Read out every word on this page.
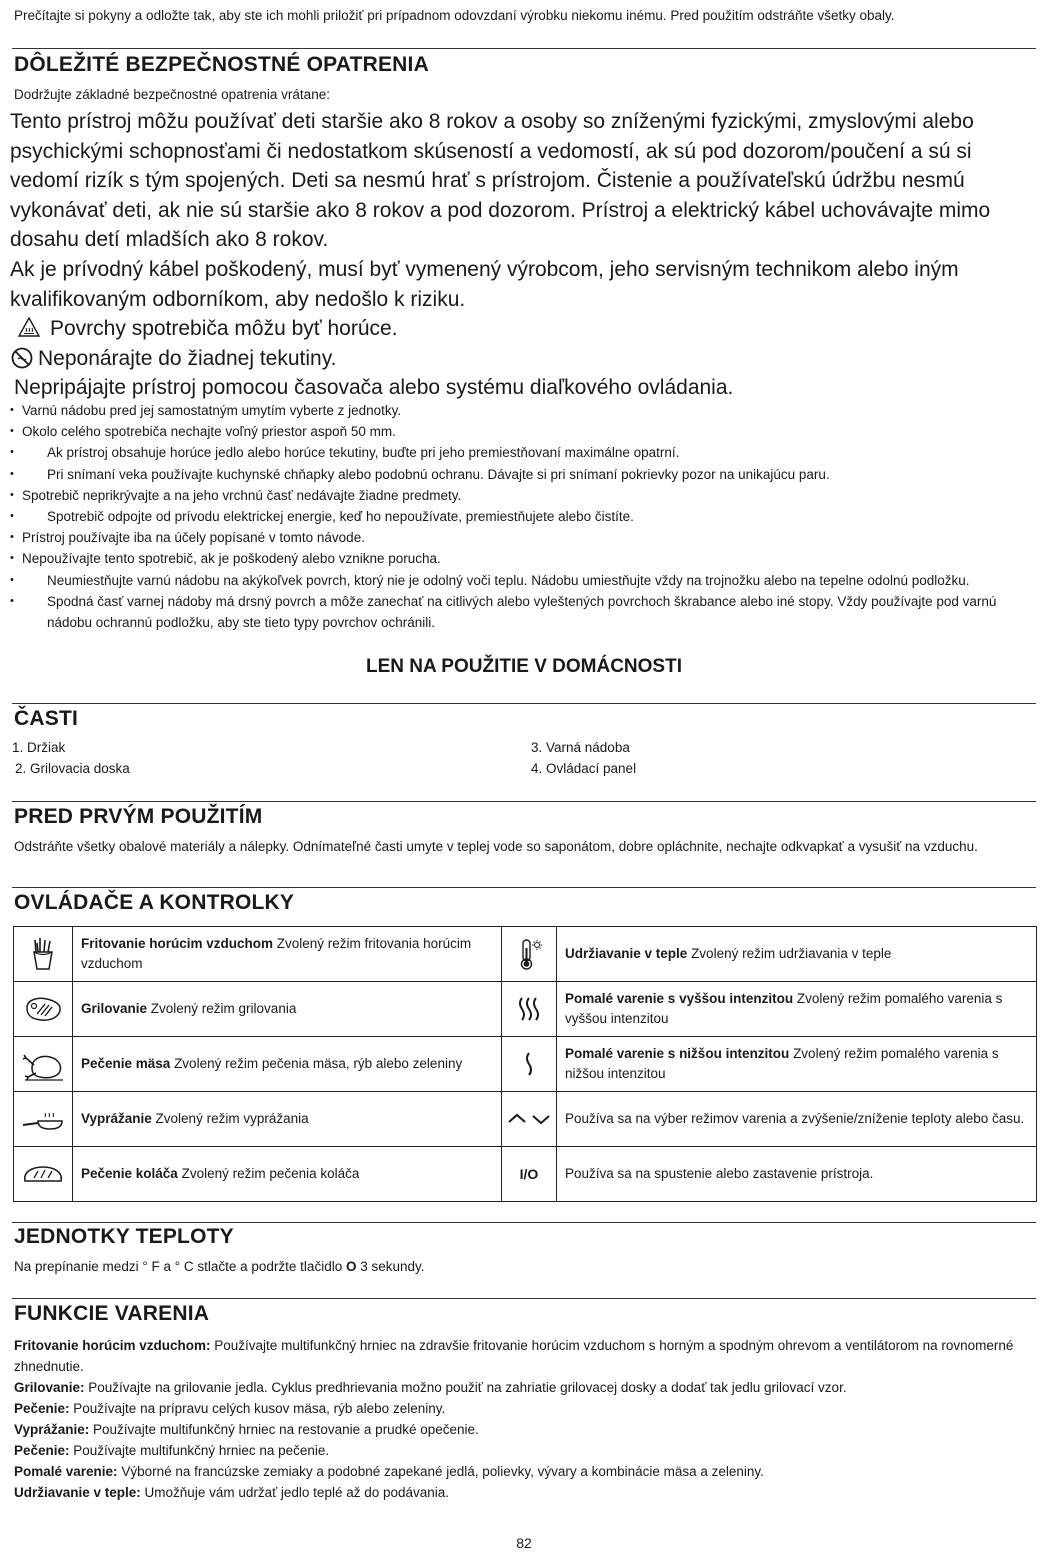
Prečítajte si pokyny a odložte tak, aby ste ich mohli priložiť pri prípadnom odovzdaní výrobku niekomu inému. Pred použitím odstráňte všetky obaly.
DÔLEŽITÉ BEZPEČNOSTNÉ OPATRENIA
Dodržujte základné bezpečnostné opatrenia vrátane:

Tento prístroj môžu používať deti staršie ako 8 rokov a osoby so zníženými fyzickými, zmyslovými alebo psychickými schopnosťami či nedostatkom skúseností a vedomostí, ak sú pod dozorom/poučení a sú si vedomí rizík s tým spojených. Deti sa nesmú hrať s prístrojom. Čistenie a používateľskú údržbu nesmú vykonávať deti, ak nie sú staršie ako 8 rokov a pod dozorom. Prístroj a elektrický kábel uchovávajte mimo dosahu detí mladších ako 8 rokov.

Ak je prívodný kábel poškodený, musí byť vymenený výrobcom, jeho servisným technikom alebo iným kvalifikovaným odborníkom, aby nedošlo k riziku.

Povrchy spotrebiča môžu byť horúce.

Neponárajte do žiadnej tekutiny.

Nepripájajte prístroj pomocou časovača alebo systému diaľkového ovládania.

• Varnú nádobu pred jej samostatným umytím vyberte z jednotky.
• Okolo celého spotrebiča nechajte voľný priestor aspoň 50 mm.
• Ak prístroj obsahuje horúce jedlo alebo horúce tekutiny, buďte pri jeho premiestňovaní maximálne opatrní.
• Pri snímaní veka používajte kuchynské chňapky alebo podobnú ochranu. Dávajte si pri snímaní pokrievky pozor na unikajúcu paru.
• Spotrebič neprikrývajte a na jeho vrchnú časť nedávajte žiadne predmety.
• Spotrebič odpojte od prívodu elektrickej energie, keď ho nepoužívate, premiestňujete alebo čistíte.
• Prístroj používajte iba na účely popísané v tomto návode.
• Nepoužívajte tento spotrebič, ak je poškodený alebo vznikne porucha.
• Neumiestňujte varnú nádobu na akýkoľvek povrch, ktorý nie je odolný voči teplu. Nádobu umiestňujte vždy na trojnožku alebo na tepelne odolnú podložku.
• Spodná časť varnej nádoby má drsný povrch a môže zanechať na citlivých alebo vyleštených povrchoch škrabance alebo iné stopy. Vždy používajte pod varnú nádobu ochrannú podložku, aby ste tieto typy povrchov ochránili.
LEN NA POUŽITIE V DOMÁCNOSTI
ČASTI
1. Držiak
2. Grilovacia doska
3. Varná nádoba
4. Ovládací panel
PRED PRVÝM POUŽITÍM
Odstráňte všetky obalové materiály a nálepky. Odnímateľné časti umyte v teplej vode so saponátom, dobre opláchnite, nechajte odkvapkať a vysušiť na vzduchu.
OVLÁDAČE A KONTROLKY
	Fritovanie horúcim vzduchom Zvolený režim fritovania horúcim vzduchom		Udržiavanie v teple Zvolený režim udržiavania v teple

	Grilovanie Zvolený režim grilovania		Pomalé varenie s vyššou intenzitou Zvolený režim pomalého varenia s vyššou intenzitou

	Pečenie mäsa Zvolený režim pečenia mäsa, rýb alebo zeleniny		Pomalé varenie s nižšou intenzitou Zvolený režim pomalého varenia s nižšou intenzitou

	Vyprážanie Zvolený režim vyprážania		Používa sa na výber režimov varenia a zvýšenie/zníženie teploty alebo času.

	Pečenie koláča Zvolený režim pečenia koláča	I/O	Používa sa na spustenie alebo zastavenie prístroja.
JEDNOTKY TEPLOTY
Na prepínanie medzi ° F a ° C stlačte a podržte tlačidlo O 3 sekundy.
FUNKCIE VARENIA
Fritovanie horúcim vzduchom: Používajte multifunkčný hrniec na zdravšie fritovanie horúcim vzduchom s horným a spodným ohrevom a ventilátorom na rovnomerné zhnednutie.
Grilovanie: Používajte na grilovanie jedla. Cyklus predhrievania možno použiť na zahriatie grilovacej dosky a dodať tak jedlu grilovací vzor.
Pečenie: Používajte na prípravu celých kusov mäsa, rýb alebo zeleniny.
Vyprážanie: Používajte multifunkčný hrniec na restovanie a prudké opečenie.
Pečenie: Používajte multifunkčný hrniec na pečenie.
Pomalé varenie: Výborné na francúzske zemiaky a podobné zapekané jedlá, polievky, vývary a kombinácie mäsa a zeleniny.
Udržiavanie v teple: Umožňuje vám udržať jedlo teplé až do podávania.
82
